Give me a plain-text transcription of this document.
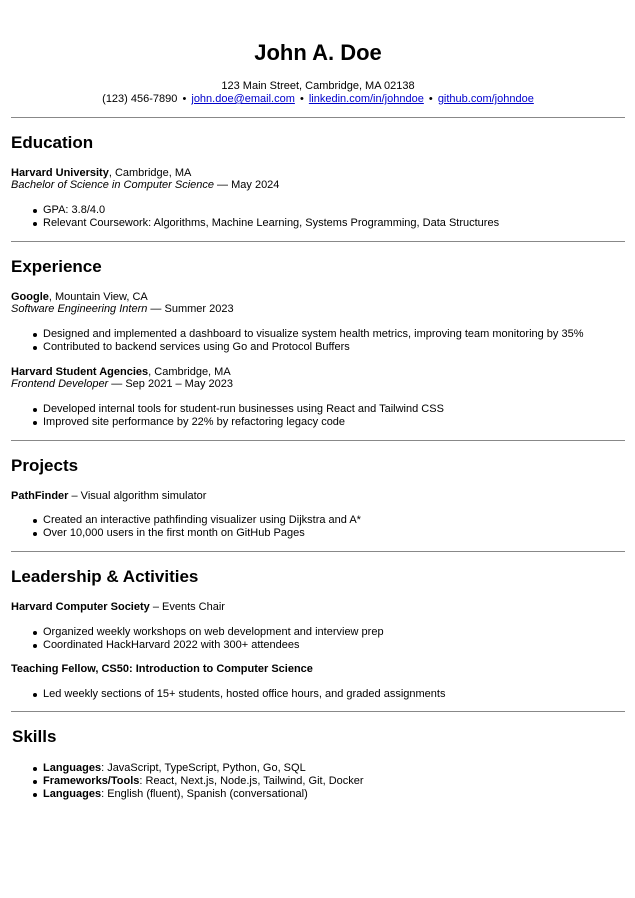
John A. Doe
123 Main Street, Cambridge, MA 02138
(123) 456-7890 • john.doe@email.com • linkedin.com/in/johndoe • github.com/johndoe
Education
Harvard University, Cambridge, MA
Bachelor of Science in Computer Science — May 2024
GPA: 3.8/4.0
Relevant Coursework: Algorithms, Machine Learning, Systems Programming, Data Structures
Experience
Google, Mountain View, CA
Software Engineering Intern — Summer 2023
Designed and implemented a dashboard to visualize system health metrics, improving team monitoring by 35%
Contributed to backend services using Go and Protocol Buffers
Harvard Student Agencies, Cambridge, MA
Frontend Developer — Sep 2021 – May 2023
Developed internal tools for student-run businesses using React and Tailwind CSS
Improved site performance by 22% by refactoring legacy code
Projects
PathFinder – Visual algorithm simulator
Created an interactive pathfinding visualizer using Dijkstra and A*
Over 10,000 users in the first month on GitHub Pages
Leadership & Activities
Harvard Computer Society – Events Chair
Organized weekly workshops on web development and interview prep
Coordinated HackHarvard 2022 with 300+ attendees
Teaching Fellow, CS50: Introduction to Computer Science
Led weekly sections of 15+ students, hosted office hours, and graded assignments
Skills
Languages: JavaScript, TypeScript, Python, Go, SQL
Frameworks/Tools: React, Next.js, Node.js, Tailwind, Git, Docker
Languages: English (fluent), Spanish (conversational)
